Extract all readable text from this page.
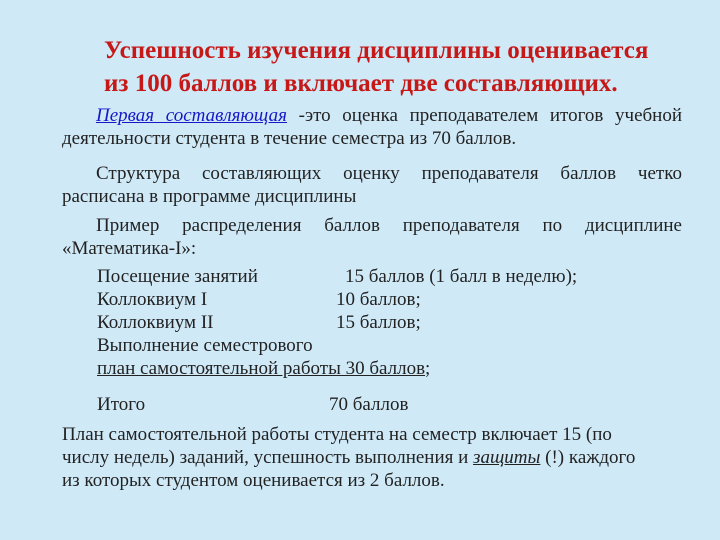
Успешность изучения дисциплины оценивается
из 100 баллов и включает две составляющих.
Первая составляющая -это оценка преподавателем итогов учебной
деятельности студента в течение семестра из 70 баллов.
Структура составляющих оценку преподавателя баллов четко
расписана в программе дисциплины
Пример распределения баллов преподавателя по дисциплине
«Математика-I»:
Посещение занятий	15 баллов (1 балл в неделю);
Коллоквиум I	10 баллов;
Коллоквиум II	15 баллов;
Выполнение семестрового
план самостоятельной работы 30 баллов;
Итого	70 баллов
План самостоятельной работы студента на семестр включает 15 (по
числу недель) заданий, успешность выполнения и защиты (!) каждого
из которых студентом оценивается из 2 баллов.
